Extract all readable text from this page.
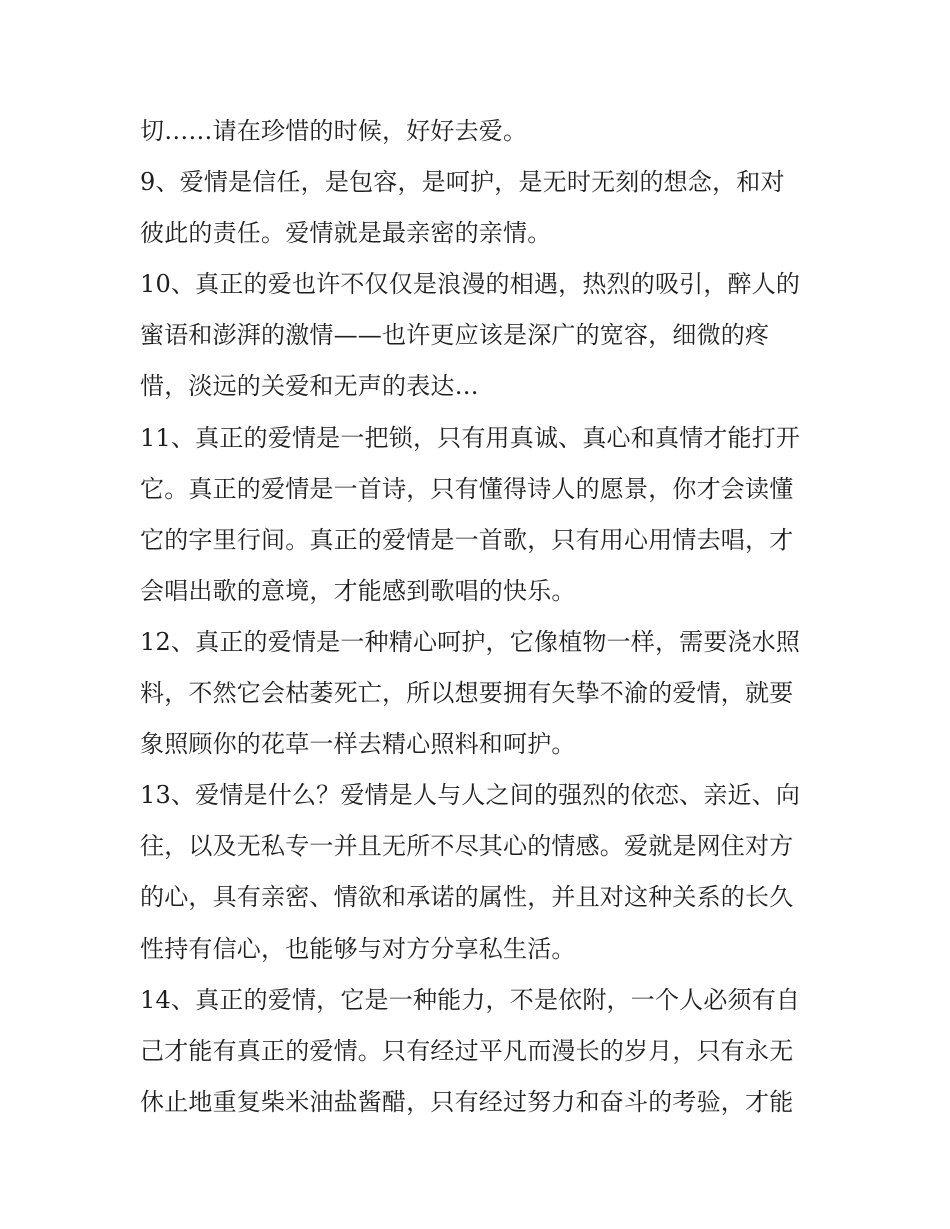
切……请在珍惜的时候，好好去爱。
9、爱情是信任，是包容，是呵护，是无时无刻的想念，和对
彼此的责任。爱情就是最亲密的亲情。
10、真正的爱也许不仅仅是浪漫的相遇，热烈的吸引，醉人的
蜜语和澎湃的激情——也许更应该是深广的宽容，细微的疼
惜，淡远的关爱和无声的表达…
11、真正的爱情是一把锁，只有用真诚、真心和真情才能打开
它。真正的爱情是一首诗，只有懂得诗人的愿景，你才会读懂
它的字里行间。真正的爱情是一首歌，只有用心用情去唱，才
会唱出歌的意境，才能感到歌唱的快乐。
12、真正的爱情是一种精心呵护，它像植物一样，需要浇水照
料，不然它会枯萎死亡，所以想要拥有矢挚不渝的爱情，就要
象照顾你的花草一样去精心照料和呵护。
13、爱情是什么？爱情是人与人之间的强烈的依恋、亲近、向
往，以及无私专一并且无所不尽其心的情感。爱就是网住对方
的心，具有亲密、情欲和承诺的属性，并且对这种关系的长久
性持有信心，也能够与对方分享私生活。
14、真正的爱情，它是一种能力，不是依附，一个人必须有自
己才能有真正的爱情。只有经过平凡而漫长的岁月，只有永无
休止地重复柴米油盐酱醋，只有经过努力和奋斗的考验，才能
